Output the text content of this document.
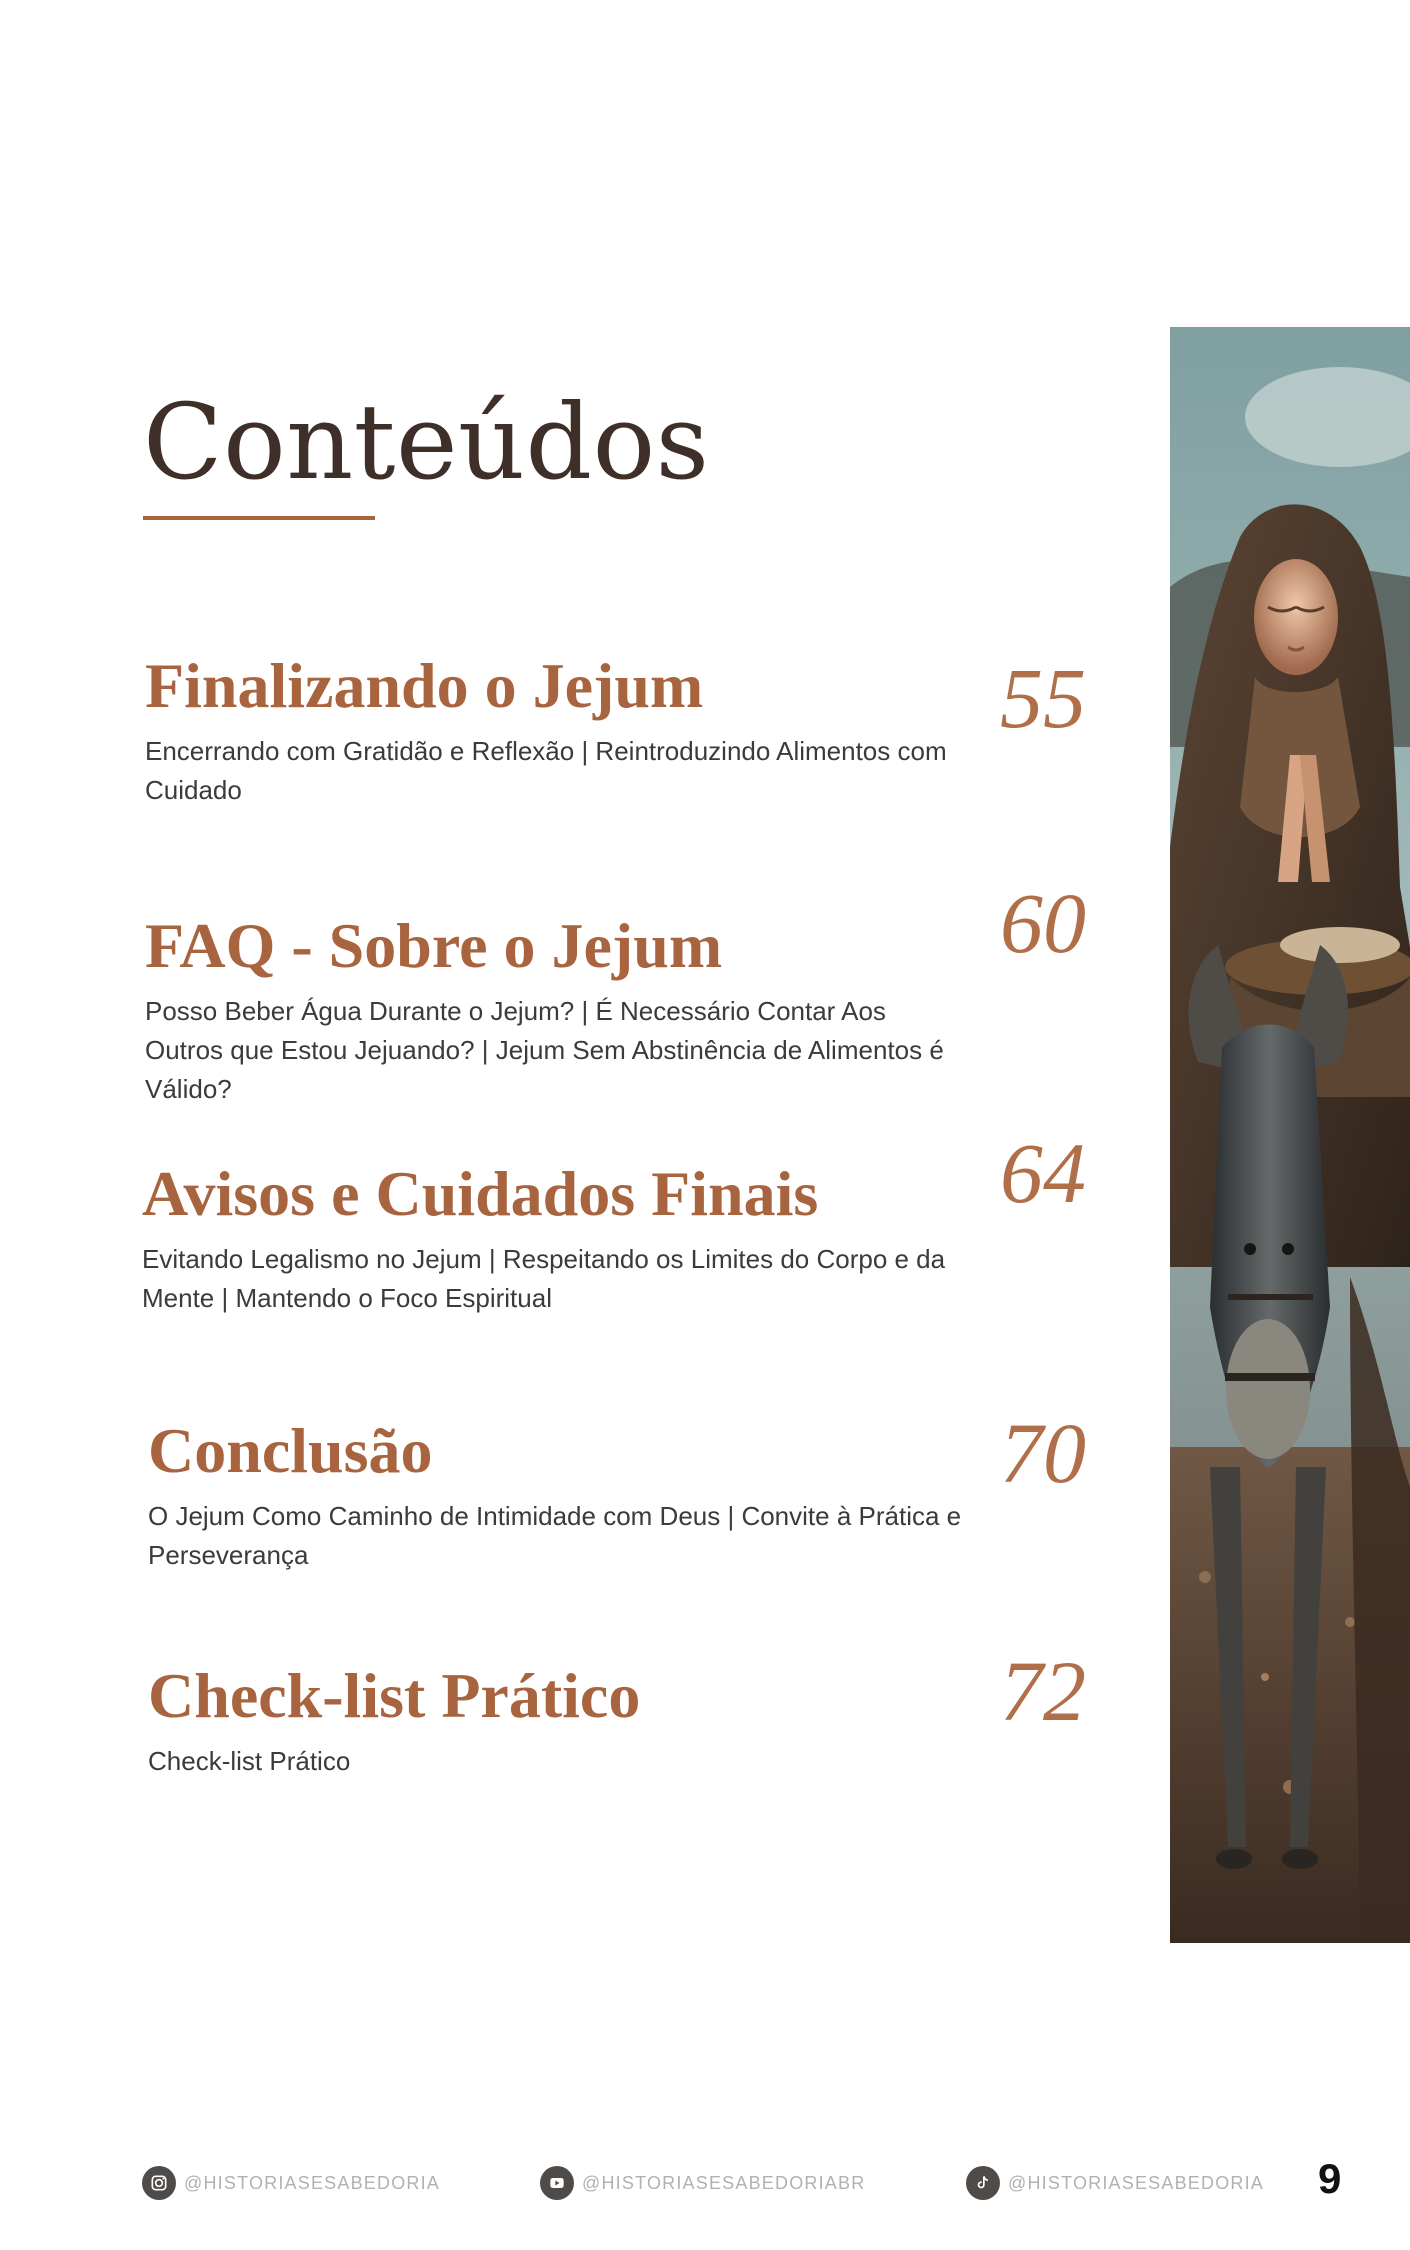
Conteúdos
Finalizando o Jejum

Encerrando com Gratidão e Reflexão | Reintroduzindo Alimentos com Cuidado

55
FAQ - Sobre o Jejum

Posso Beber Água Durante o Jejum? | É Necessário Contar Aos Outros que Estou Jejuando? | Jejum Sem Abstinência de Alimentos é Válido?

60
Avisos e Cuidados Finais

Evitando Legalismo no Jejum | Respeitando os Limites do Corpo e da Mente | Mantendo o Foco Espiritual

64
Conclusão

O Jejum Como Caminho de Intimidade com Deus | Convite à Prática e Perseverança

70
Check-list Prático

Check-list Prático

72
@HISTORIASESABEDORIA	@HISTORIASESABEDORIABR	@HISTORIASESABEDORIA 9
